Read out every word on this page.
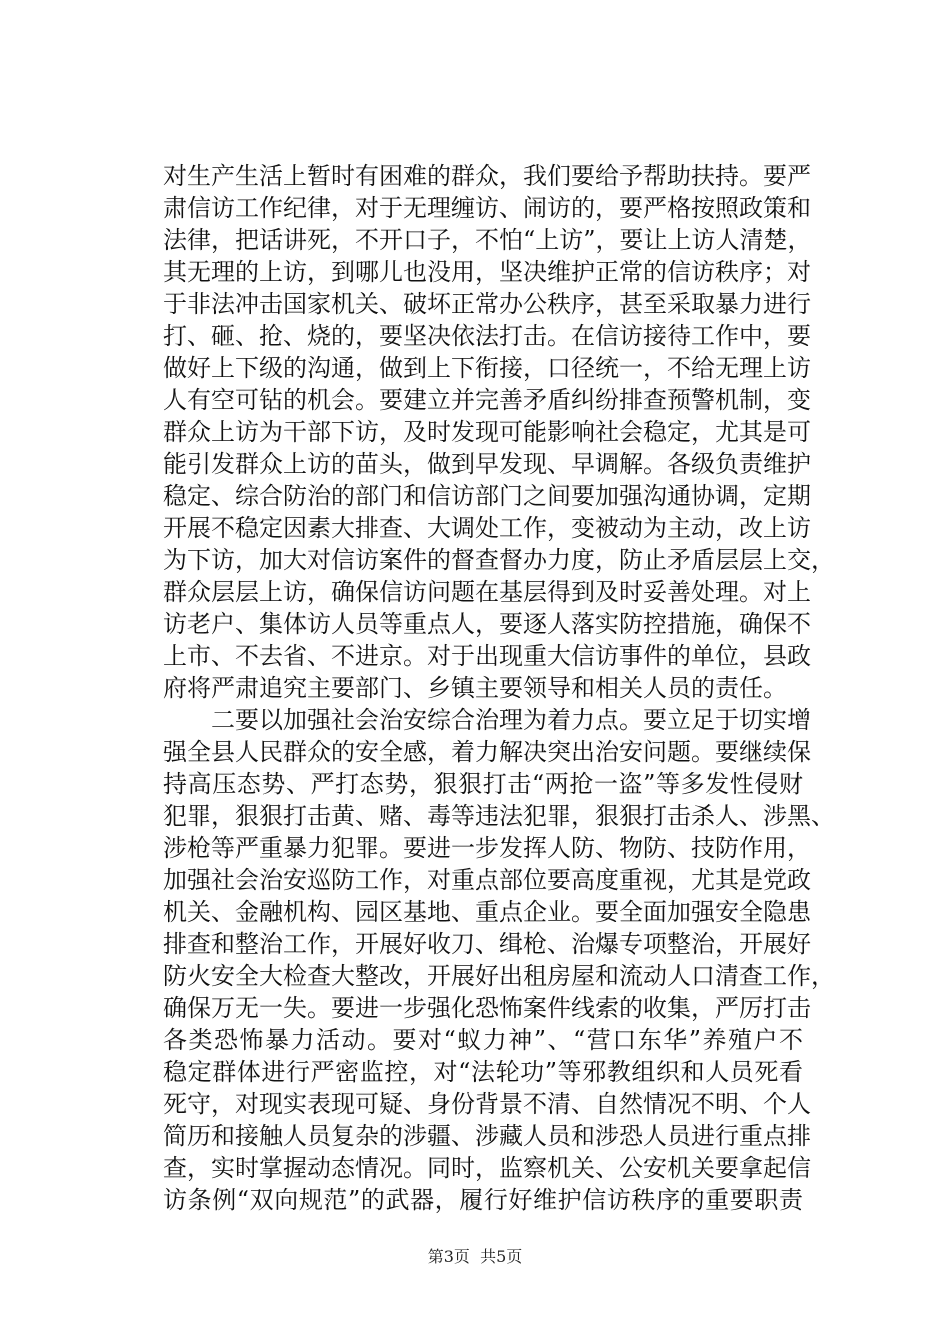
对生产生活上暂时有困难的群众，我们要给予帮助扶持。要严
肃信访工作纪律，对于无理缠访、闹访的，要严格按照政策和
法律，把话讲死，不开口子，不怕“上访”，要让上访人清楚，
其无理的上访，到哪儿也没用，坚决维护正常的信访秩序；对
于非法冲击国家机关、破坏正常办公秩序，甚至采取暴力进行
打、砸、抢、烧的，要坚决依法打击。在信访接待工作中，要
做好上下级的沟通，做到上下衔接，口径统一，不给无理上访
人有空可钻的机会。要建立并完善矛盾纠纷排查预警机制，变
群众上访为干部下访，及时发现可能影响社会稳定，尤其是可
能引发群众上访的苗头，做到早发现、早调解。各级负责维护
稳定、综合防治的部门和信访部门之间要加强沟通协调，定期
开展不稳定因素大排查、大调处工作，变被动为主动，改上访
为下访，加大对信访案件的督查督办力度，防止矛盾层层上交，
群众层层上访，确保信访问题在基层得到及时妥善处理。对上
访老户、集体访人员等重点人，要逐人落实防控措施，确保不
上市、不去省、不进京。对于出现重大信访事件的单位，县政
府将严肃追究主要部门、乡镇主要领导和相关人员的责任。
二要以加强社会治安综合治理为着力点。要立足于切实增
强全县人民群众的安全感，着力解决突出治安问题。要继续保
持高压态势、严打态势，狠狠打击“两抢一盗”等多发性侵财
犯罪，狠狠打击黄、赌、毒等违法犯罪，狠狠打击杀人、涉黑、
涉枪等严重暴力犯罪。要进一步发挥人防、物防、技防作用，
加强社会治安巡防工作，对重点部位要高度重视，尤其是党政
机关、金融机构、园区基地、重点企业。要全面加强安全隐患
排查和整治工作，开展好收刀、缉枪、治爆专项整治，开展好
防火安全大检查大整改，开展好出租房屋和流动人口清查工作，
确保万无一失。要进一步强化恐怖案件线索的收集，严厉打击
各类恐怖暴力活动。要对“蚁力神”、“营口东华”养殖户不
稳定群体进行严密监控，对“法轮功”等邪教组织和人员死看
死守，对现实表现可疑、身份背景不清、自然情况不明、个人
简历和接触人员复杂的涉疆、涉藏人员和涉恐人员进行重点排
查，实时掌握动态情况。同时，监察机关、公安机关要拿起信
访条例“双向规范”的武器，履行好维护信访秩序的重要职责
第3页  共5页
